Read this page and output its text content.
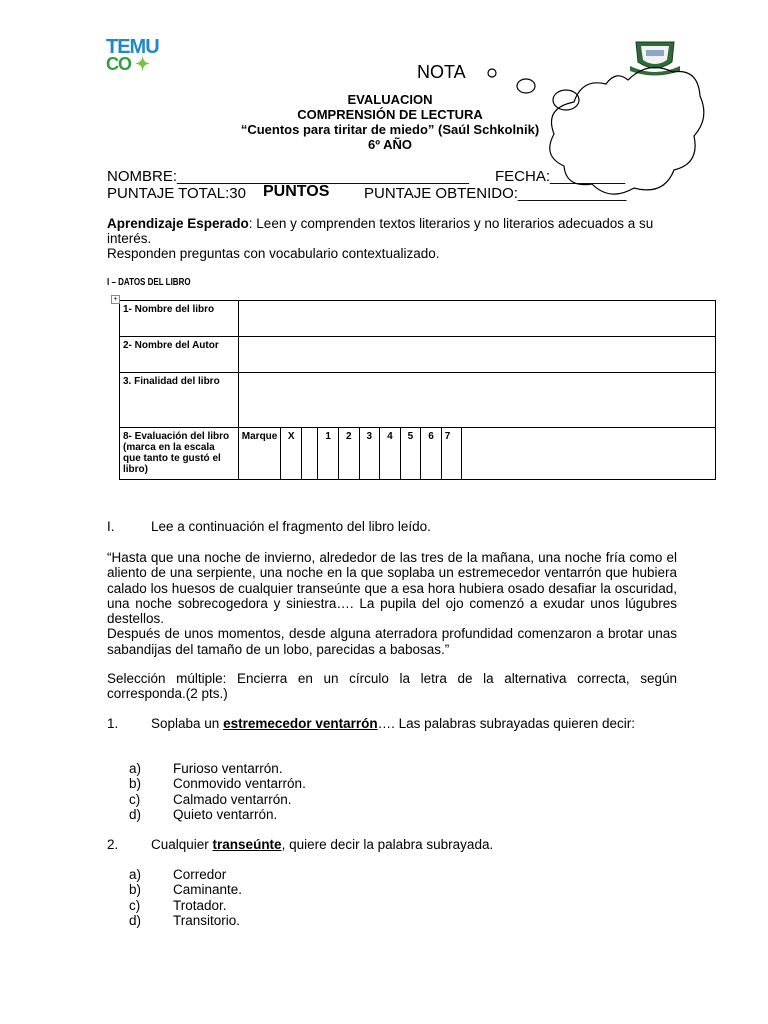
TEMU
CO ✦	NOTA
EVALUACION
COMPRENSIÓN DE LECTURA
“Cuentos para tiritar de miedo” (Saúl Schkolnik)
6º AÑO
NOMBRE:___________________________________ FECHA:_________
PUNTAJE TOTAL:30 PUNTOS PUNTAJE OBTENIDO:_____________
Aprendizaje Esperado: Leen y comprenden textos literarios y no literarios adecuados a su interés.
Responden preguntas con vocabulario contextualizado.
I – DATOS DEL LIBRO
+
1- Nombre del libro											
2- Nombre del Autor											
3. Finalidad del libro											
8- Evaluación del libro (marca en la escala que tanto te gustó el libro)	Marque	X		1	2	3	4	5	6	7	
I.	Lee a continuación el fragmento del libro leído.
“Hasta que una noche de invierno, alrededor de las tres de la mañana, una noche fría como el aliento de una serpiente, una noche en la que soplaba un estremecedor ventarrón que hubiera calado los huesos de cualquier transeúnte que a esa hora hubiera osado desafiar la oscuridad, una noche sobrecogedora y siniestra…. La pupila del ojo comenzó a exudar unos lúgubres destellos.
Después de unos momentos, desde alguna aterradora profundidad comenzaron a brotar unas sabandijas del tamaño de un lobo, parecidas a babosas.”
Selección múltiple: Encierra en un círculo la letra de la alternativa correcta, según corresponda.(2 pts.)
1. Soplaba un estremecedor ventarrón…. Las palabras subrayadas quieren decir:
a)	Furioso ventarrón.
b)	Conmovido ventarrón.
c)	Calmado ventarrón.
d)	Quieto ventarrón.
2. Cualquier transeúnte, quiere decir la palabra subrayada.
a)	Corredor
b)	Caminante.
c)	Trotador.
d)	Transitorio.
